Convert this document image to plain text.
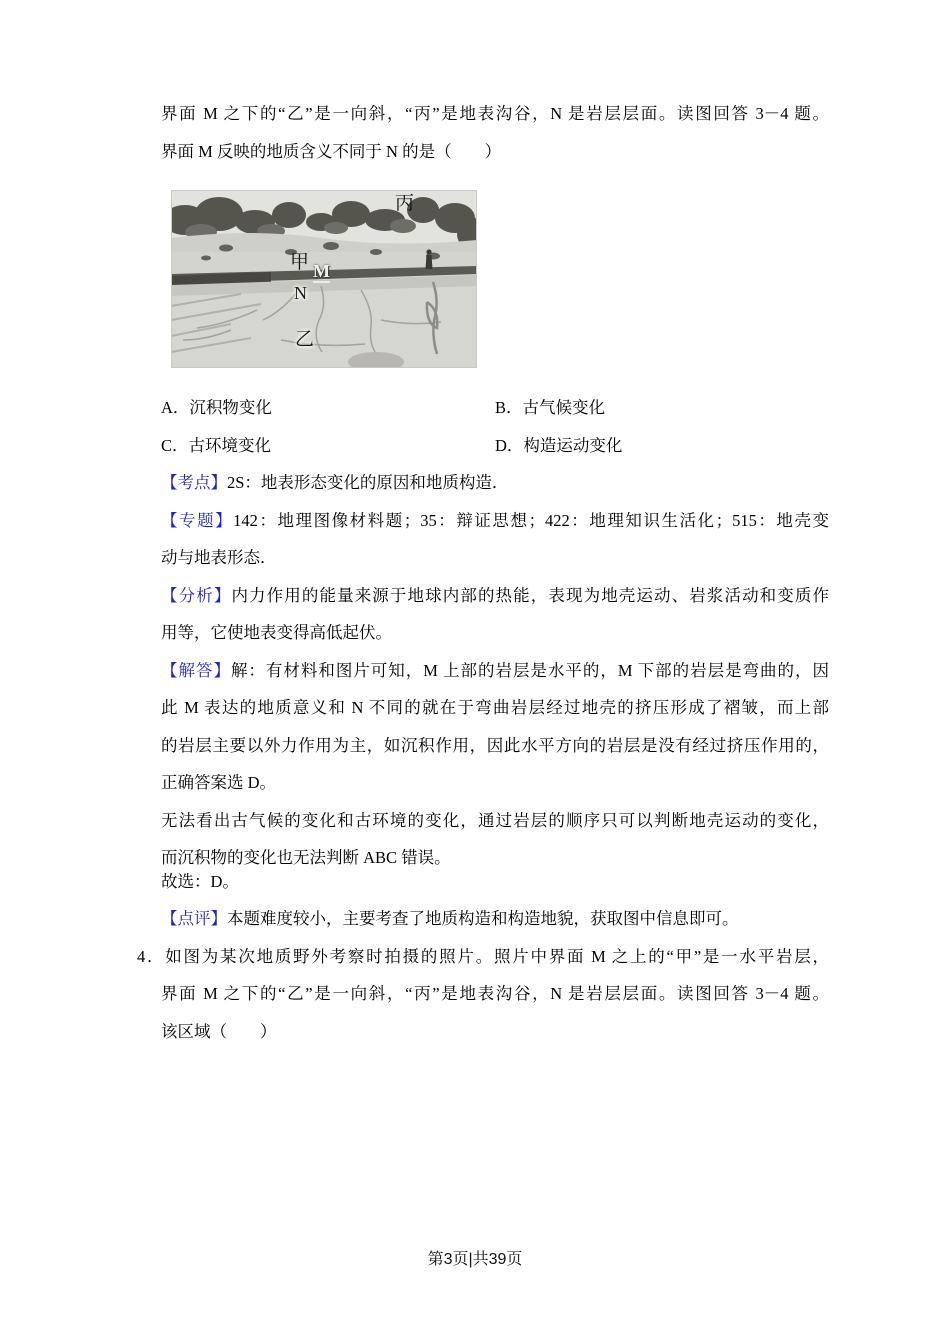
界面 M 之下的“乙”是一向斜，“丙”是地表沟谷，N 是岩层层面。读图回答 3－4 题。
界面 M 反映的地质含义不同于 N 的是（　　）
丙
甲 M
N
乙
A．沉积物变化	B．古气候变化
C．古环境变化	D．构造运动变化
【考点】2S：地表形态变化的原因和地质构造．
【专题】142：地理图像材料题；35：辩证思想；422：地理知识生活化；515：地壳变
动与地表形态．
【分析】内力作用的能量来源于地球内部的热能，表现为地壳运动、岩浆活动和变质作
用等，它使地表变得高低起伏。
【解答】解：有材料和图片可知，M 上部的岩层是水平的，M 下部的岩层是弯曲的，因
此 M 表达的地质意义和 N 不同的就在于弯曲岩层经过地壳的挤压形成了褶皱，而上部
的岩层主要以外力作用为主，如沉积作用，因此水平方向的岩层是没有经过挤压作用的，
正确答案选 D。
无法看出古气候的变化和古环境的变化，通过岩层的顺序只可以判断地壳运动的变化，
而沉积物的变化也无法判断 ABC 错误。
故选：D。
【点评】本题难度较小，主要考查了地质构造和构造地貌，获取图中信息即可。
4．如图为某次地质野外考察时拍摄的照片。照片中界面 M 之上的“甲”是一水平岩层，
界面 M 之下的“乙”是一向斜，“丙”是地表沟谷，N 是岩层层面。读图回答 3－4 题。
该区域（　　）
第3页|共39页
